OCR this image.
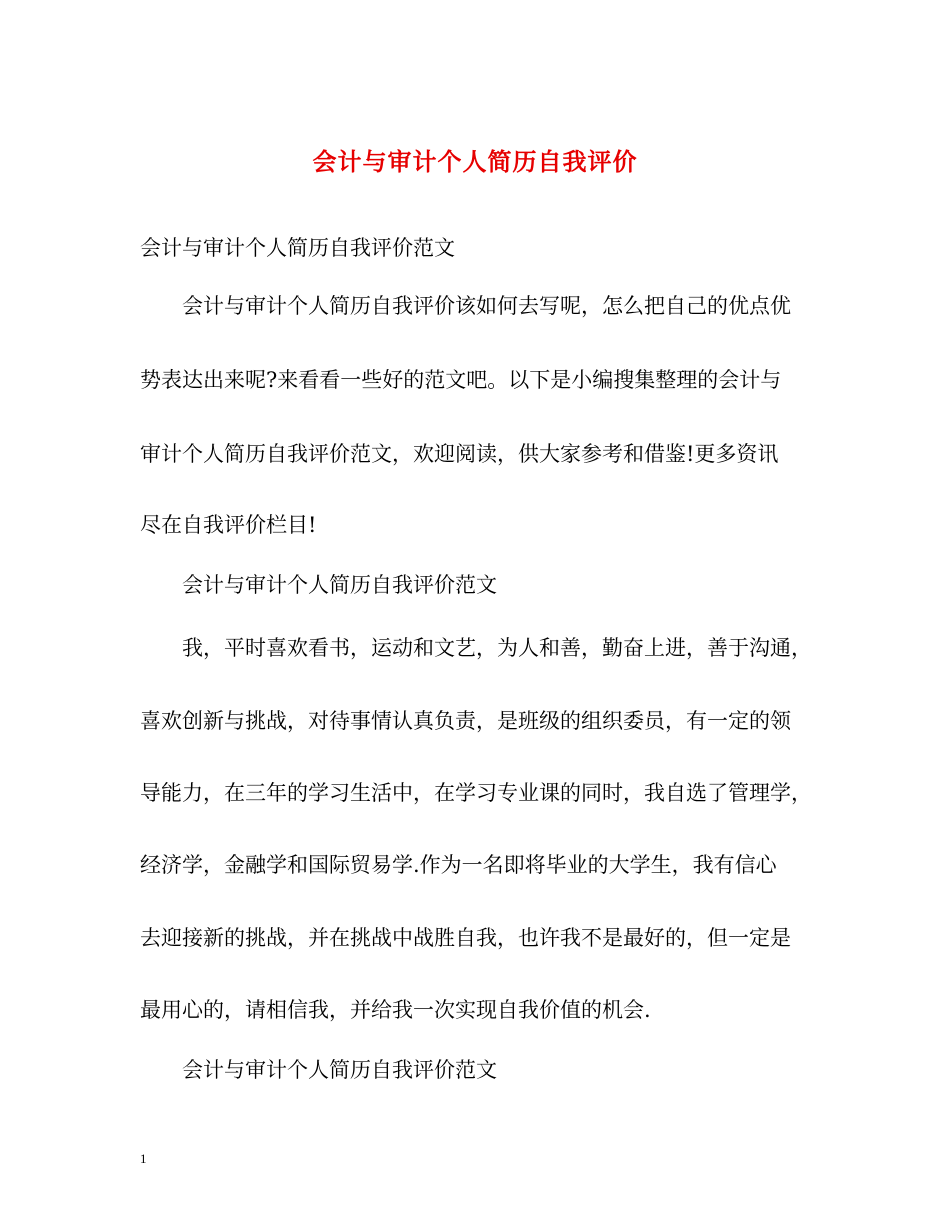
会计与审计个人简历自我评价
会计与审计个人简历自我评价范文
会计与审计个人简历自我评价该如何去写呢，怎么把自己的优点优
势表达出来呢?来看看一些好的范文吧。以下是小编搜集整理的会计与
审计个人简历自我评价范文，欢迎阅读，供大家参考和借鉴!更多资讯
尽在自我评价栏目!
会计与审计个人简历自我评价范文
我，平时喜欢看书，运动和文艺，为人和善，勤奋上进，善于沟通，
喜欢创新与挑战，对待事情认真负责，是班级的组织委员，有一定的领
导能力，在三年的学习生活中，在学习专业课的同时，我自选了管理学，
经济学，金融学和国际贸易学.作为一名即将毕业的大学生，我有信心
去迎接新的挑战，并在挑战中战胜自我，也许我不是最好的，但一定是
最用心的，请相信我，并给我一次实现自我价值的机会.
会计与审计个人简历自我评价范文
1
